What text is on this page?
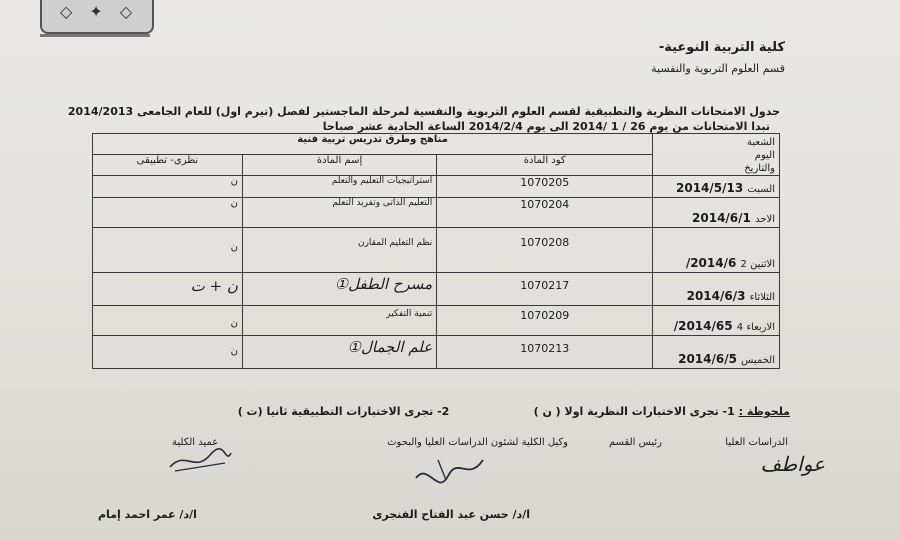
◇ ✦ ◇
كلية التربية النوعية-
قسم العلوم التربوية والنفسية
جدول الامتحانات النظرية والتطبيقية لقسم العلوم التربوية والنفسية لمرحلة الماجستير لفصل (تيرم اول) للعام الجامعى 2014/2013
تبدا الامتحانات من يوم 26 / 1 /2014 الى يوم 2014/2/4 الساعة الحادية عشر صباحا
الشعبة
اليوم
والتاريخ	مناهج وطرق تدريس تربية فنية		
	كود المادة	إسم المادة	نظرى- تطبيقى
السبت 2014/5/13	1070205	استراتيجيات التعليم والتعلم	ن
الاحد 2014/6/1	1070204	التعليم الذاتى وتفريد التعلم	ن
الاثنين 2 2014/6/	1070208	نظم التعليم المقارن	ن
الثلاثاء 2014/6/3	1070217	مسرح الطفل①	ن + ت
الاربعاء 4 2014/65/	1070209	تنمية التفكير	ن
الخميس 2014/6/5	1070213	علم الجمال①	ن
ملحوظة : 1- تجرى الاختبارات النظرية اولا ( ن )                      2- تجرى الاختبارات التطبيقية ثانيا (ت )
الدراسات العليا
رئيس القسم
وكيل الكلية لشئون الدراسات العليا والبحوث
عميد الكلية
عواطف
ا/د/ حسن عبد الفتاح الفنجرى
ا/د/ عمر احمد إمام
